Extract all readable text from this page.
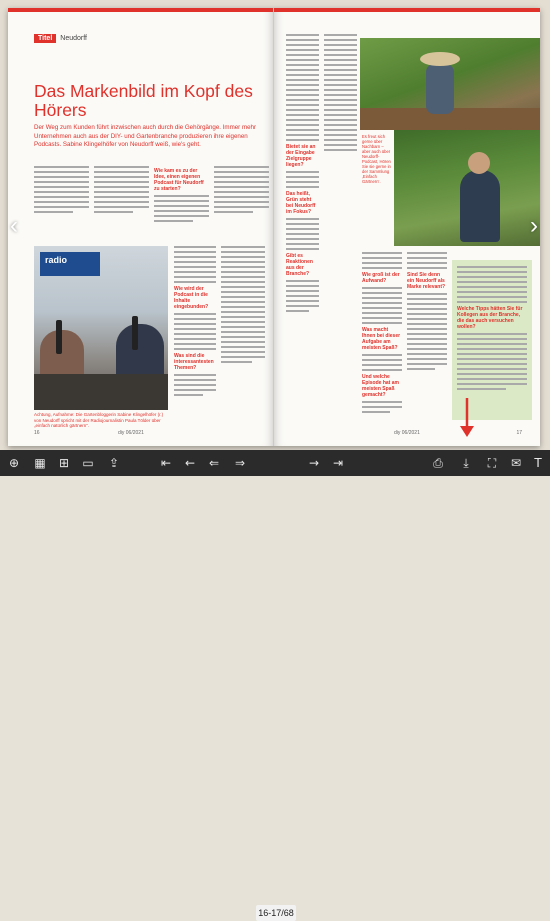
Titel	Neudorff
Das Markenbild im Kopf des Hörers

Der Weg zum Kunden führt inzwischen auch durch die Gehörgänge. Immer mehr Unternehmen auch aus der DIY- und Gartenbranche produzieren ihre eigenen Podcasts. Sabine Klingelhöfer von Neudorff weiß, wie's geht.

Wie kam es zu der Idee, einen eigenen Podcast für Neudorff zu starten?
radio
Wie wird der Podcast in die Inhalte eingebunden?
Was sind die interessantesten Themen?
Achtung, Aufnahme: Die Gartenbloggerin Sabine Klingelhöfer (r.) von Neudorff spricht mit der Radiojournalistin Paula Tölder über „einfach natürlich gärtnern“.
16	diy 06/2021
‹
Bietet sie an der Eingabe Zielgruppe liegen?
Das heißt, Grün steht bei Neudorff im Fokus?
Gibt es Reaktionen aus der Branche?
Es freut sich gerne über Nachbarn – aber auch über Neudorff-Podcast, Hören Sie sie gerne in der Sammlung ‚Einfach Gärtnern‘.
Wie groß ist der Aufwand?
Was macht Ihnen bei dieser Aufgabe am meisten Spaß?
Und welche Episode hat am meisten Spaß gemacht?
Sind Sie denn ein Neudorff als Marke relevant?
Welche Tipps hätten Sie für Kollegen aus der Branche, die das auch versuchen wollen?
diy 06/2021	17
›
⊕ ▦ ⊞ ▭ ⇪	⇤ ← ⇐ ⇒
16-17/68
→ ⇥	⎙	⤓	⛶	✉	T
